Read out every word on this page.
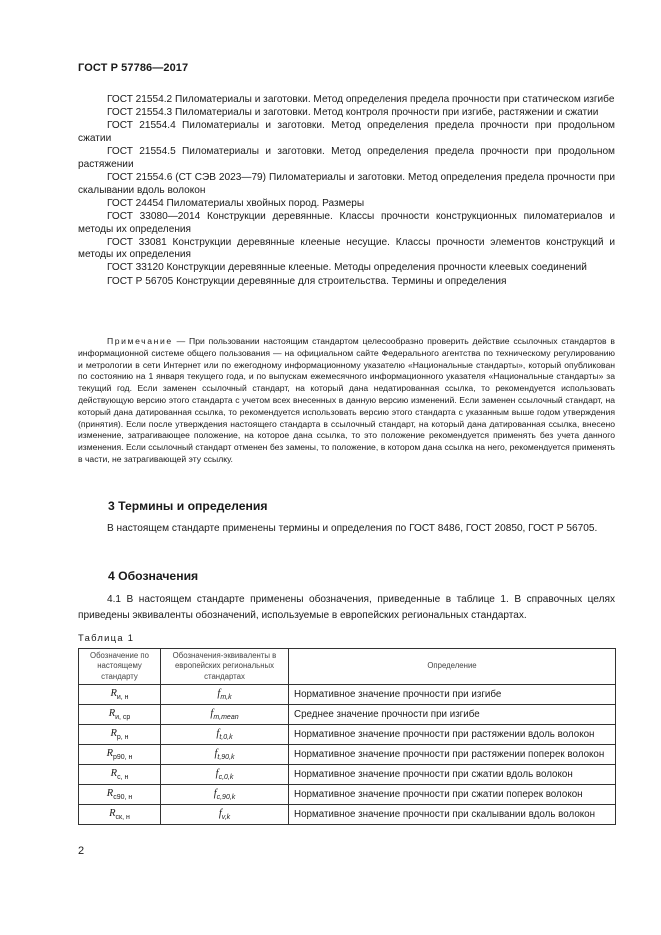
ГОСТ Р 57786—2017

ГОСТ 21554.2 Пиломатериалы и заготовки. Метод определения предела прочности при статическом изгибе

ГОСТ 21554.3 Пиломатериалы и заготовки. Метод контроля прочности при изгибе, растяжении и сжатии

ГОСТ 21554.4 Пиломатериалы и заготовки. Метод определения предела прочности при продольном сжатии

ГОСТ 21554.5 Пиломатериалы и заготовки. Метод определения предела прочности при продольном растяжении

ГОСТ 21554.6 (СТ СЭВ 2023—79) Пиломатериалы и заготовки. Метод определения предела прочности при скалывании вдоль волокон

ГОСТ 24454 Пиломатериалы хвойных пород. Размеры

ГОСТ 33080—2014 Конструкции деревянные. Классы прочности конструкционных пиломатериалов и методы их определения

ГОСТ 33081 Конструкции деревянные клееные несущие. Классы прочности элементов конструкций и методы их определения

ГОСТ 33120 Конструкции деревянные клееные. Методы определения прочности клеевых соединений

ГОСТ Р 56705 Конструкции деревянные для строительства. Термины и определения

Примечание — При пользовании настоящим стандартом целесообразно проверить действие ссылочных стандартов в информационной системе общего пользования — на официальном сайте Федерального агентства по техническому регулированию и метрологии в сети Интернет или по ежегодному информационному указателю «Национальные стандарты», который опубликован по состоянию на 1 января текущего года, и по выпускам ежемесячного информационного указателя «Национальные стандарты» за текущий год. Если заменен ссылочный стандарт, на который дана недатированная ссылка, то рекомендуется использовать действующую версию этого стандарта с учетом всех внесенных в данную версию изменений. Если заменен ссылочный стандарт, на который дана датированная ссылка, то рекомендуется использовать версию этого стандарта с указанным выше годом утверждения (принятия). Если после утверждения настоящего стандарта в ссылочный стандарт, на который дана датированная ссылка, внесено изменение, затрагивающее положение, на которое дана ссылка, то это положение рекомендуется применять без учета данного изменения. Если ссылочный стандарт отменен без замены, то положение, в котором дана ссылка на него, рекомендуется применять в части, не затрагивающей эту ссылку.
3 Термины и определения
В настоящем стандарте применены термины и определения по ГОСТ 8486, ГОСТ 20850, ГОСТ Р 56705.
4 Обозначения
4.1 В настоящем стандарте применены обозначения, приведенные в таблице 1. В справочных целях приведены эквиваленты обозначений, используемые в европейских региональных стандартах.
Таблица 1
Обозначение по настоящему стандарту	Обозначения-эквиваленты в европейских региональных стандартах	Определение
$R_{и, н}$	$f_{m,k}$	Нормативное значение прочности при изгибе
$R_{и, ср}$	$f_{m,mean}$	Среднее значение прочности при изгибе
$R_{р, н}$	$f_{t,0,k}$	Нормативное значение прочности при растяжении вдоль волокон
$R_{р90, н}$	$f_{t,90,k}$	Нормативное значение прочности при растяжении поперек волокон
$R_{с, н}$	$f_{c,0,k}$	Нормативное значение прочности при сжатии вдоль волокон
$R_{с90, н}$	$f_{c,90,k}$	Нормативное значение прочности при сжатии поперек волокон
$R_{ск, н}$	$f_{v,k}$	Нормативное значение прочности при скалывании вдоль волокон
2
